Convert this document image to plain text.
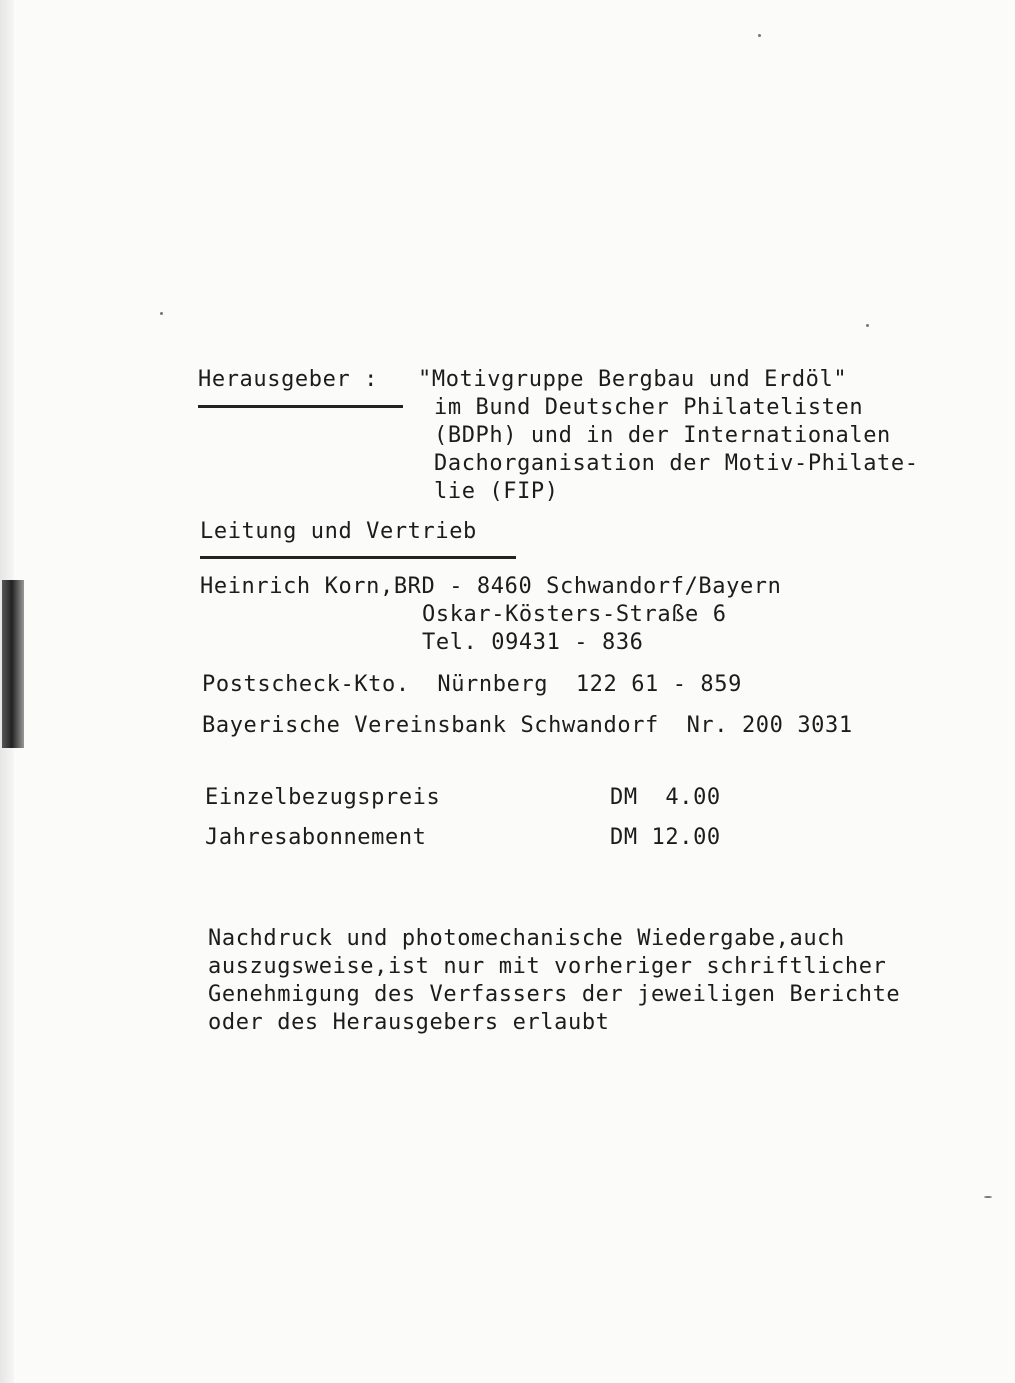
Herausgeber : "Motivgruppe Bergbau und Erdöl"
im Bund Deutscher Philatelisten
(BDPh) und in der Internationalen
Dachorganisation der Motiv-Philate-
lie (FIP)
Leitung und Vertrieb
Heinrich Korn,BRD - 8460 Schwandorf/Bayern
Oskar-Kösters-Straße 6
Tel. 09431 - 836
Postscheck-Kto.  Nürnberg  122 61 - 859
Bayerische Vereinsbank Schwandorf  Nr. 200 3031
Einzelbezugspreis	DM  4.00
Jahresabonnement	DM 12.00
Nachdruck und photomechanische Wiedergabe,auch
auszugsweise,ist nur mit vorheriger schriftlicher
Genehmigung des Verfassers der jeweiligen Berichte
oder des Herausgebers erlaubt
